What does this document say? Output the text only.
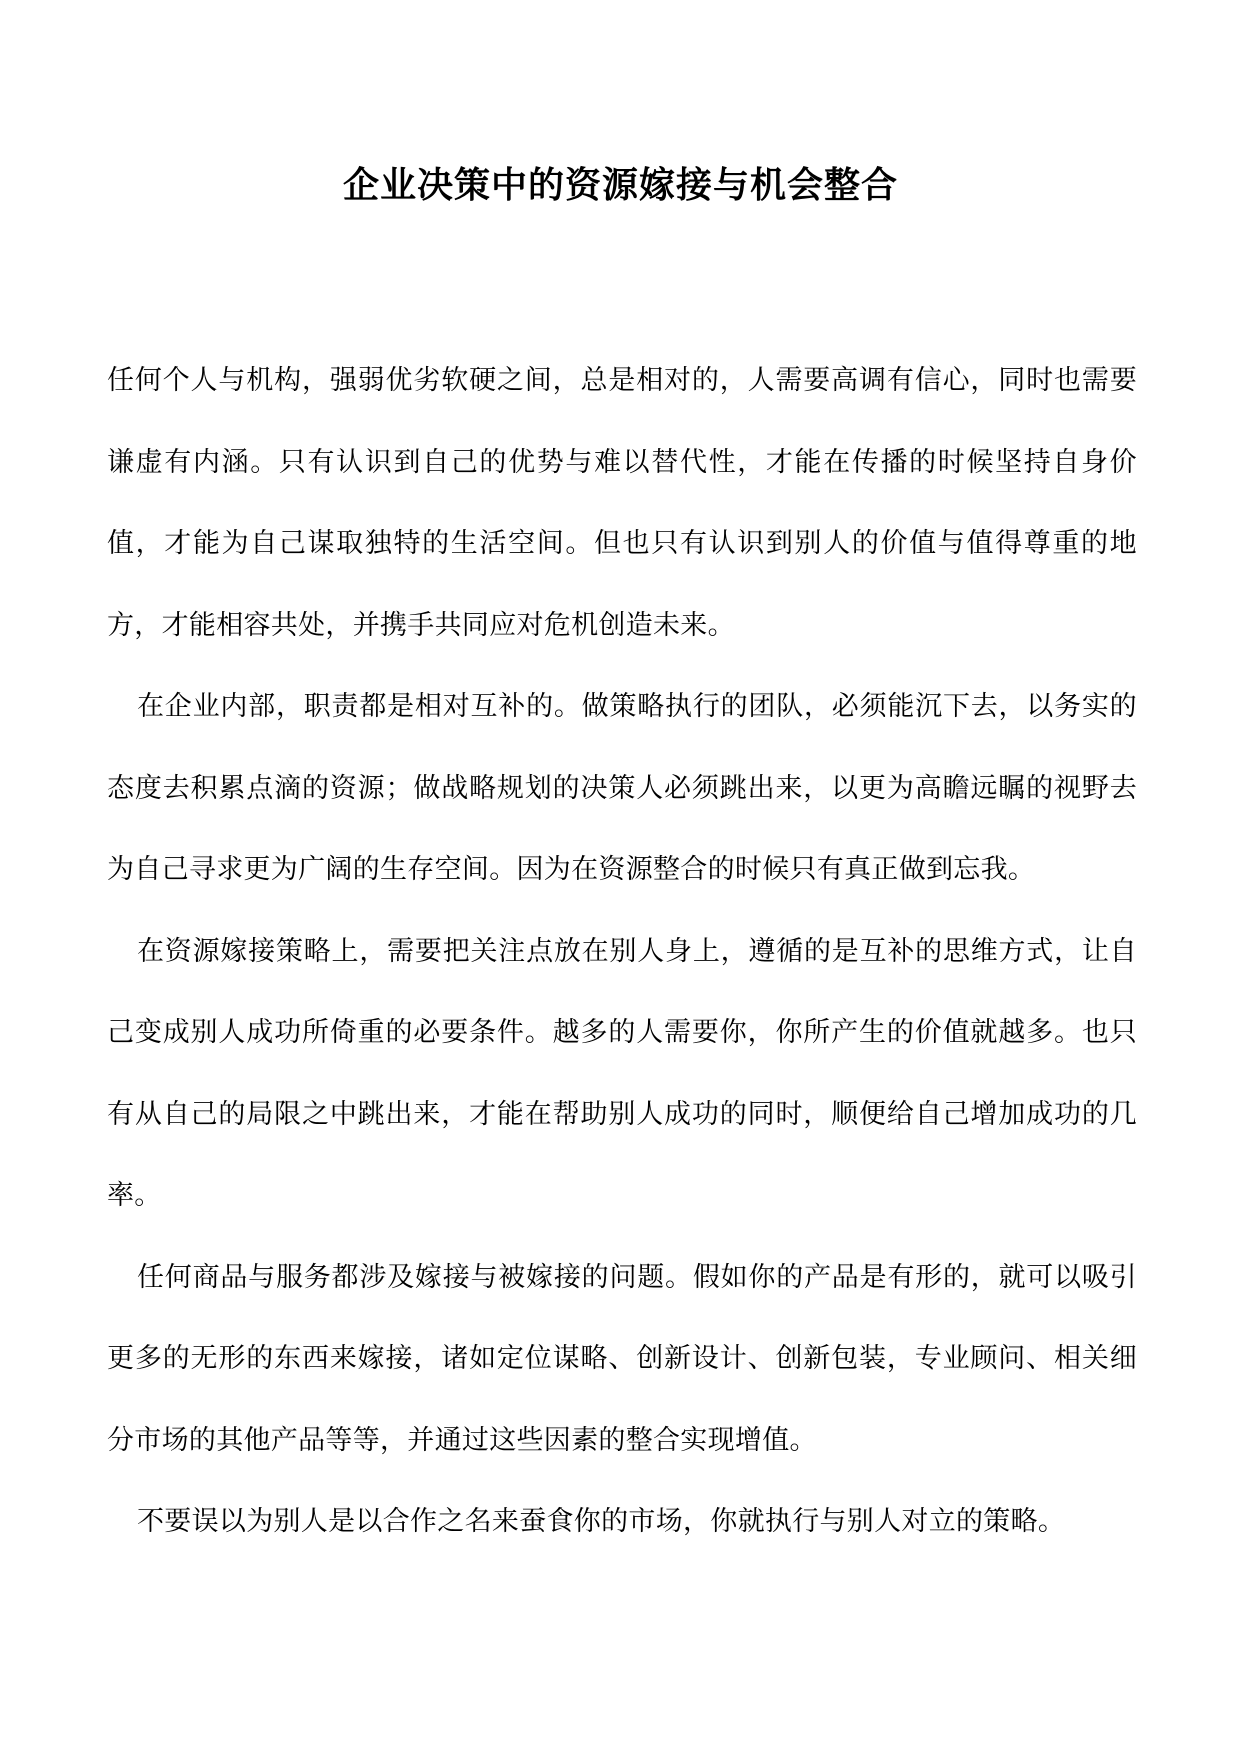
企业决策中的资源嫁接与机会整合

任何个人与机构，强弱优劣软硬之间，总是相对的，人需要高调有信心，同时也需要谦虚有内涵。只有认识到自己的优势与难以替代性，才能在传播的时候坚持自身价值，才能为自己谋取独特的生活空间。但也只有认识到别人的价值与值得尊重的地方，才能相容共处，并携手共同应对危机创造未来。

在企业内部，职责都是相对互补的。做策略执行的团队，必须能沉下去，以务实的态度去积累点滴的资源；做战略规划的决策人必须跳出来，以更为高瞻远瞩的视野去为自己寻求更为广阔的生存空间。因为在资源整合的时候只有真正做到忘我。

在资源嫁接策略上，需要把关注点放在别人身上，遵循的是互补的思维方式，让自己变成别人成功所倚重的必要条件。越多的人需要你，你所产生的价值就越多。也只有从自己的局限之中跳出来，才能在帮助别人成功的同时，顺便给自己增加成功的几率。

任何商品与服务都涉及嫁接与被嫁接的问题。假如你的产品是有形的，就可以吸引更多的无形的东西来嫁接，诸如定位谋略、创新设计、创新包装，专业顾问、相关细分市场的其他产品等等，并通过这些因素的整合实现增值。

不要误以为别人是以合作之名来蚕食你的市场，你就执行与别人对立的策略。
